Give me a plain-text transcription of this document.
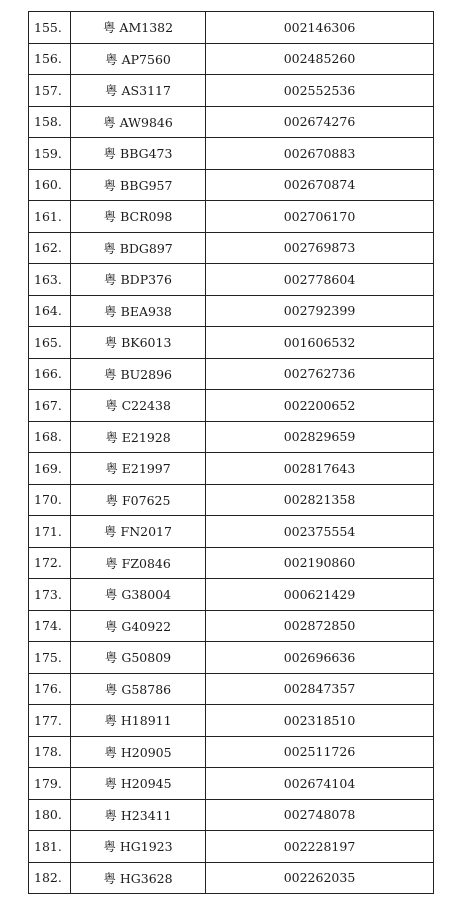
155.	粤 AM1382	002146306
156.	粤 AP7560	002485260
157.	粤 AS3117	002552536
158.	粤 AW9846	002674276
159.	粤 BBG473	002670883
160.	粤 BBG957	002670874
161.	粤 BCR098	002706170
162.	粤 BDG897	002769873
163.	粤 BDP376	002778604
164.	粤 BEA938	002792399
165.	粤 BK6013	001606532
166.	粤 BU2896	002762736
167.	粤 C22438	002200652
168.	粤 E21928	002829659
169.	粤 E21997	002817643
170.	粤 F07625	002821358
171.	粤 FN2017	002375554
172.	粤 FZ0846	002190860
173.	粤 G38004	000621429
174.	粤 G40922	002872850
175.	粤 G50809	002696636
176.	粤 G58786	002847357
177.	粤 H18911	002318510
178.	粤 H20905	002511726
179.	粤 H20945	002674104
180.	粤 H23411	002748078
181.	粤 HG1923	002228197
182.	粤 HG3628	002262035
